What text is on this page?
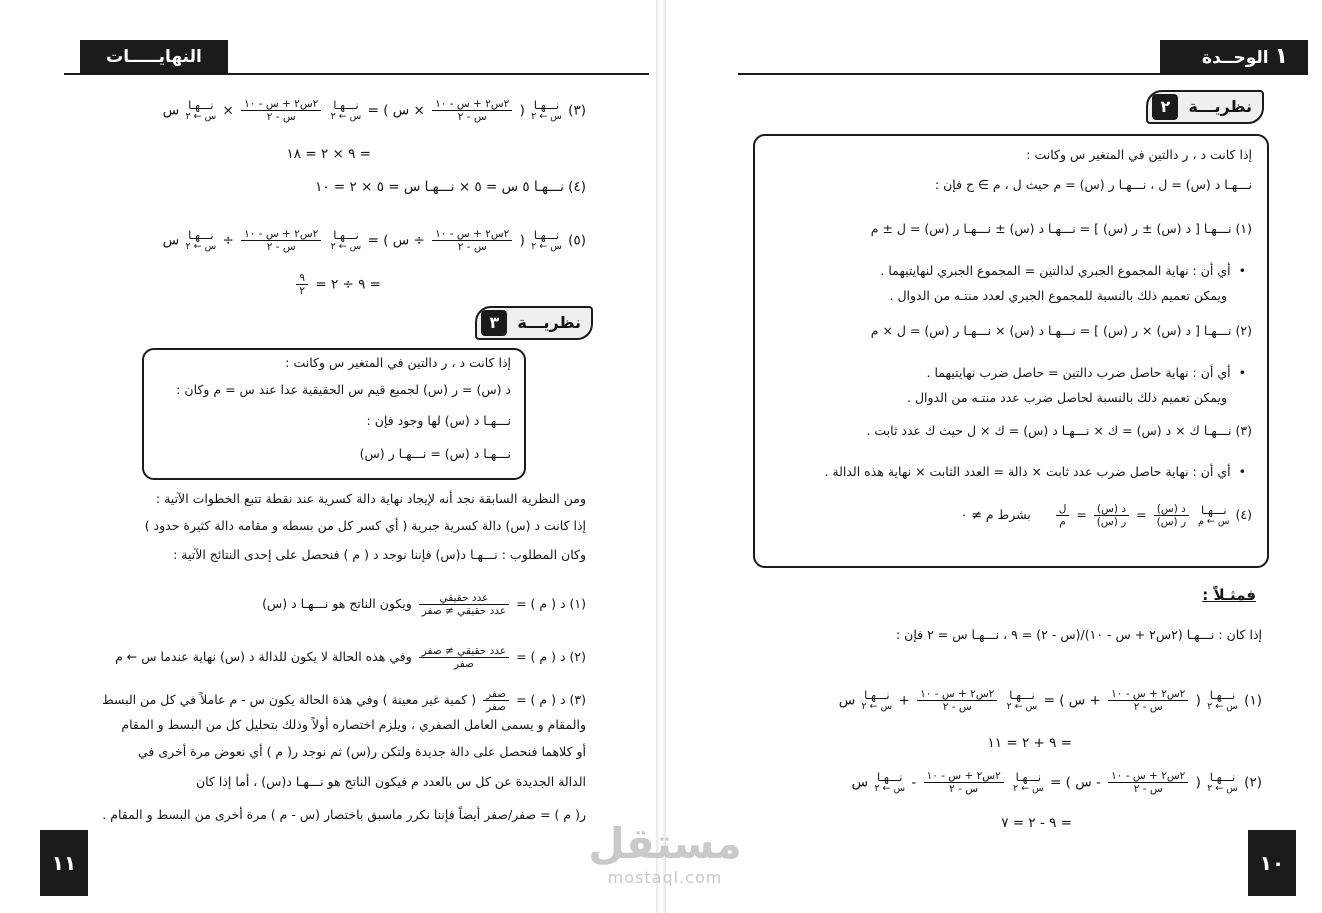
النهايـــــات
(٣)
نـــهـا
س ← ٢
(
$\frac{\text{٢س٢ + س - ١٠}}{\text{س - ٢}}$
× س ) =
نـــهـا
س ← ٢

$\frac{\text{٢س٢ + س - ١٠}}{\text{س - ٢}}$
×
نـــهـا
س ← ٢
س
= ٩ × ٢ = ١٨
(٤) نـــهـا ٥ س = ٥ × نـــهـا س = ٥ × ٢ = ١٠
(٥)
نـــهـا
س ← ٢
(
$\frac{\text{٢س٢ + س - ١٠}}{\text{س - ٢}}$
÷ س ) =
نـــهـا
س ← ٢

$\frac{\text{٢س٢ + س - ١٠}}{\text{س - ٢}}$
÷
نـــهـا
س ← ٢
س
= ٩ ÷ ٢ =
$\frac{٩}{٢}$
نظريـــة
٣
إذا كانت د ، ر دالتين في المتغير س وكانت :
د (س) = ر (س) لجميع قيم س الحقيقية عدا عند س = م وكان :
نـــهـا د (س) لها وجود فإن :
نـــهـا د (س) = نـــهـا ر (س)
ومن النظرية السابقة نجد أنه لإيجاد نهاية دالة كسرية عند نقطة تتبع الخطوات الآتية :
إذا كانت د (س) دالة كسرية جبرية ( أي كسر كل من بسطه و مقامه دالة كثيرة حدود )
وكان المطلوب : نـــهـا د(س) فإننا نوجد د ( م ) فنحصل على إحدى النتائج الآتية :
(١) د ( م ) =
$\frac{\text{عدد حقيقي}}{\text{عدد حقيقي ≠ صفر}}$
ويكون الناتج هو نـــهـا د (س)
(٢) د ( م ) =
$\frac{\text{عدد حقيقي ≠ صفر}}{\text{صفر}}$
وفي هذه الحالة لا يكون للدالة د (س) نهاية عندما س ← م
(٣) د ( م ) =
$\frac{\text{صفر}}{\text{صفر}}$
( كمية غير معينة ) وفي هذة الحالة يكون س - م عاملاً في كل من البسط
والمقام و يسمى العامل الصفري ، ويلزم اختصاره أولاً وذلك بتحليل كل من البسط و المقام
أو كلاهما فنحصل على دالة جديدة ولتكن ر(س) ثم نوجد ر( م ) أي نعوض مرة أخرى في
الدالة الجديدة عن كل س بالعدد م فيكون الناتج هو نـــهـا د(س) ، أما إذا كان
ر( م ) = صفر/صفر أيضاً فإننا نكرر ماسبق باختصار (س - م ) مرة أخرى من البسط و المقام .
١١
١ الوحــدة
نظريـــة
٢
إذا كانت د ، ر دالتين في المتغير س وكانت :
نـــهـا د (س) = ل ، نـــهـا ر (س) = م حيث ل ، م ∋ ح فإن :
(١) نـــهـا [ د (س) ± ر (س) ] = نـــهـا د (س) ± نـــهـا ر (س) = ل ± م
• أي أن : نهاية المجموع الجبري لدالتين = المجموع الجبري لنهايتيهما .
ويمكن تعميم ذلك بالنسبة للمجموع الجبري لعدد منتـه من الدوال .
(٢) نـــهـا [ د (س) × ر (س) ] = نـــهـا د (س) × نـــهـا ر (س) = ل × م
• أي أن : نهاية حاصل ضرب دالتين = حاصل ضرب نهايتيهما .
ويمكن تعميم ذلك بالنسبة لحاصل ضرب عدد منتـه من الدوال .
(٣) نـــهـا ك × د (س) = ك × نـــهـا د (س) = ك × ل حيث ك عدد ثابت .
• أي أن : نهاية حاصل ضرب عدد ثابت × دالة = العدد الثابت × نهاية هذه الدالة .
(٤)
نـــهـا
س ← م

$\frac{\text{د (س)}}{\text{ر (س)}}$
=
$\frac{\text{د (س)}}{\text{ر (س)}}$
=
$\frac{\text{ل}}{\text{م}}$
بشرط م ≠ ٠
فمثـلاً :
إذا كان : نـــهـا (٢س٢ + س - ١٠)/(س - ٢) = ٩ ، نـــهـا س = ٢ فإن :
(١)
نـــهـا
س ← ٢
(
$\frac{\text{٢س٢ + س - ١٠}}{\text{س - ٢}}$
+ س ) =
نـــهـا
س ← ٢

$\frac{\text{٢س٢ + س - ١٠}}{\text{س - ٢}}$
+
نـــهـا
س ← ٢
س
= ٩ + ٢ = ١١
(٢)
نـــهـا
س ← ٢
(
$\frac{\text{٢س٢ + س - ١٠}}{\text{س - ٢}}$
- س ) =
نـــهـا
س ← ٢

$\frac{\text{٢س٢ + س - ١٠}}{\text{س - ٢}}$
-
نـــهـا
س ← ٢
س
= ٩ - ٢ = ٧
١٠
مستقل
mostaql.com
